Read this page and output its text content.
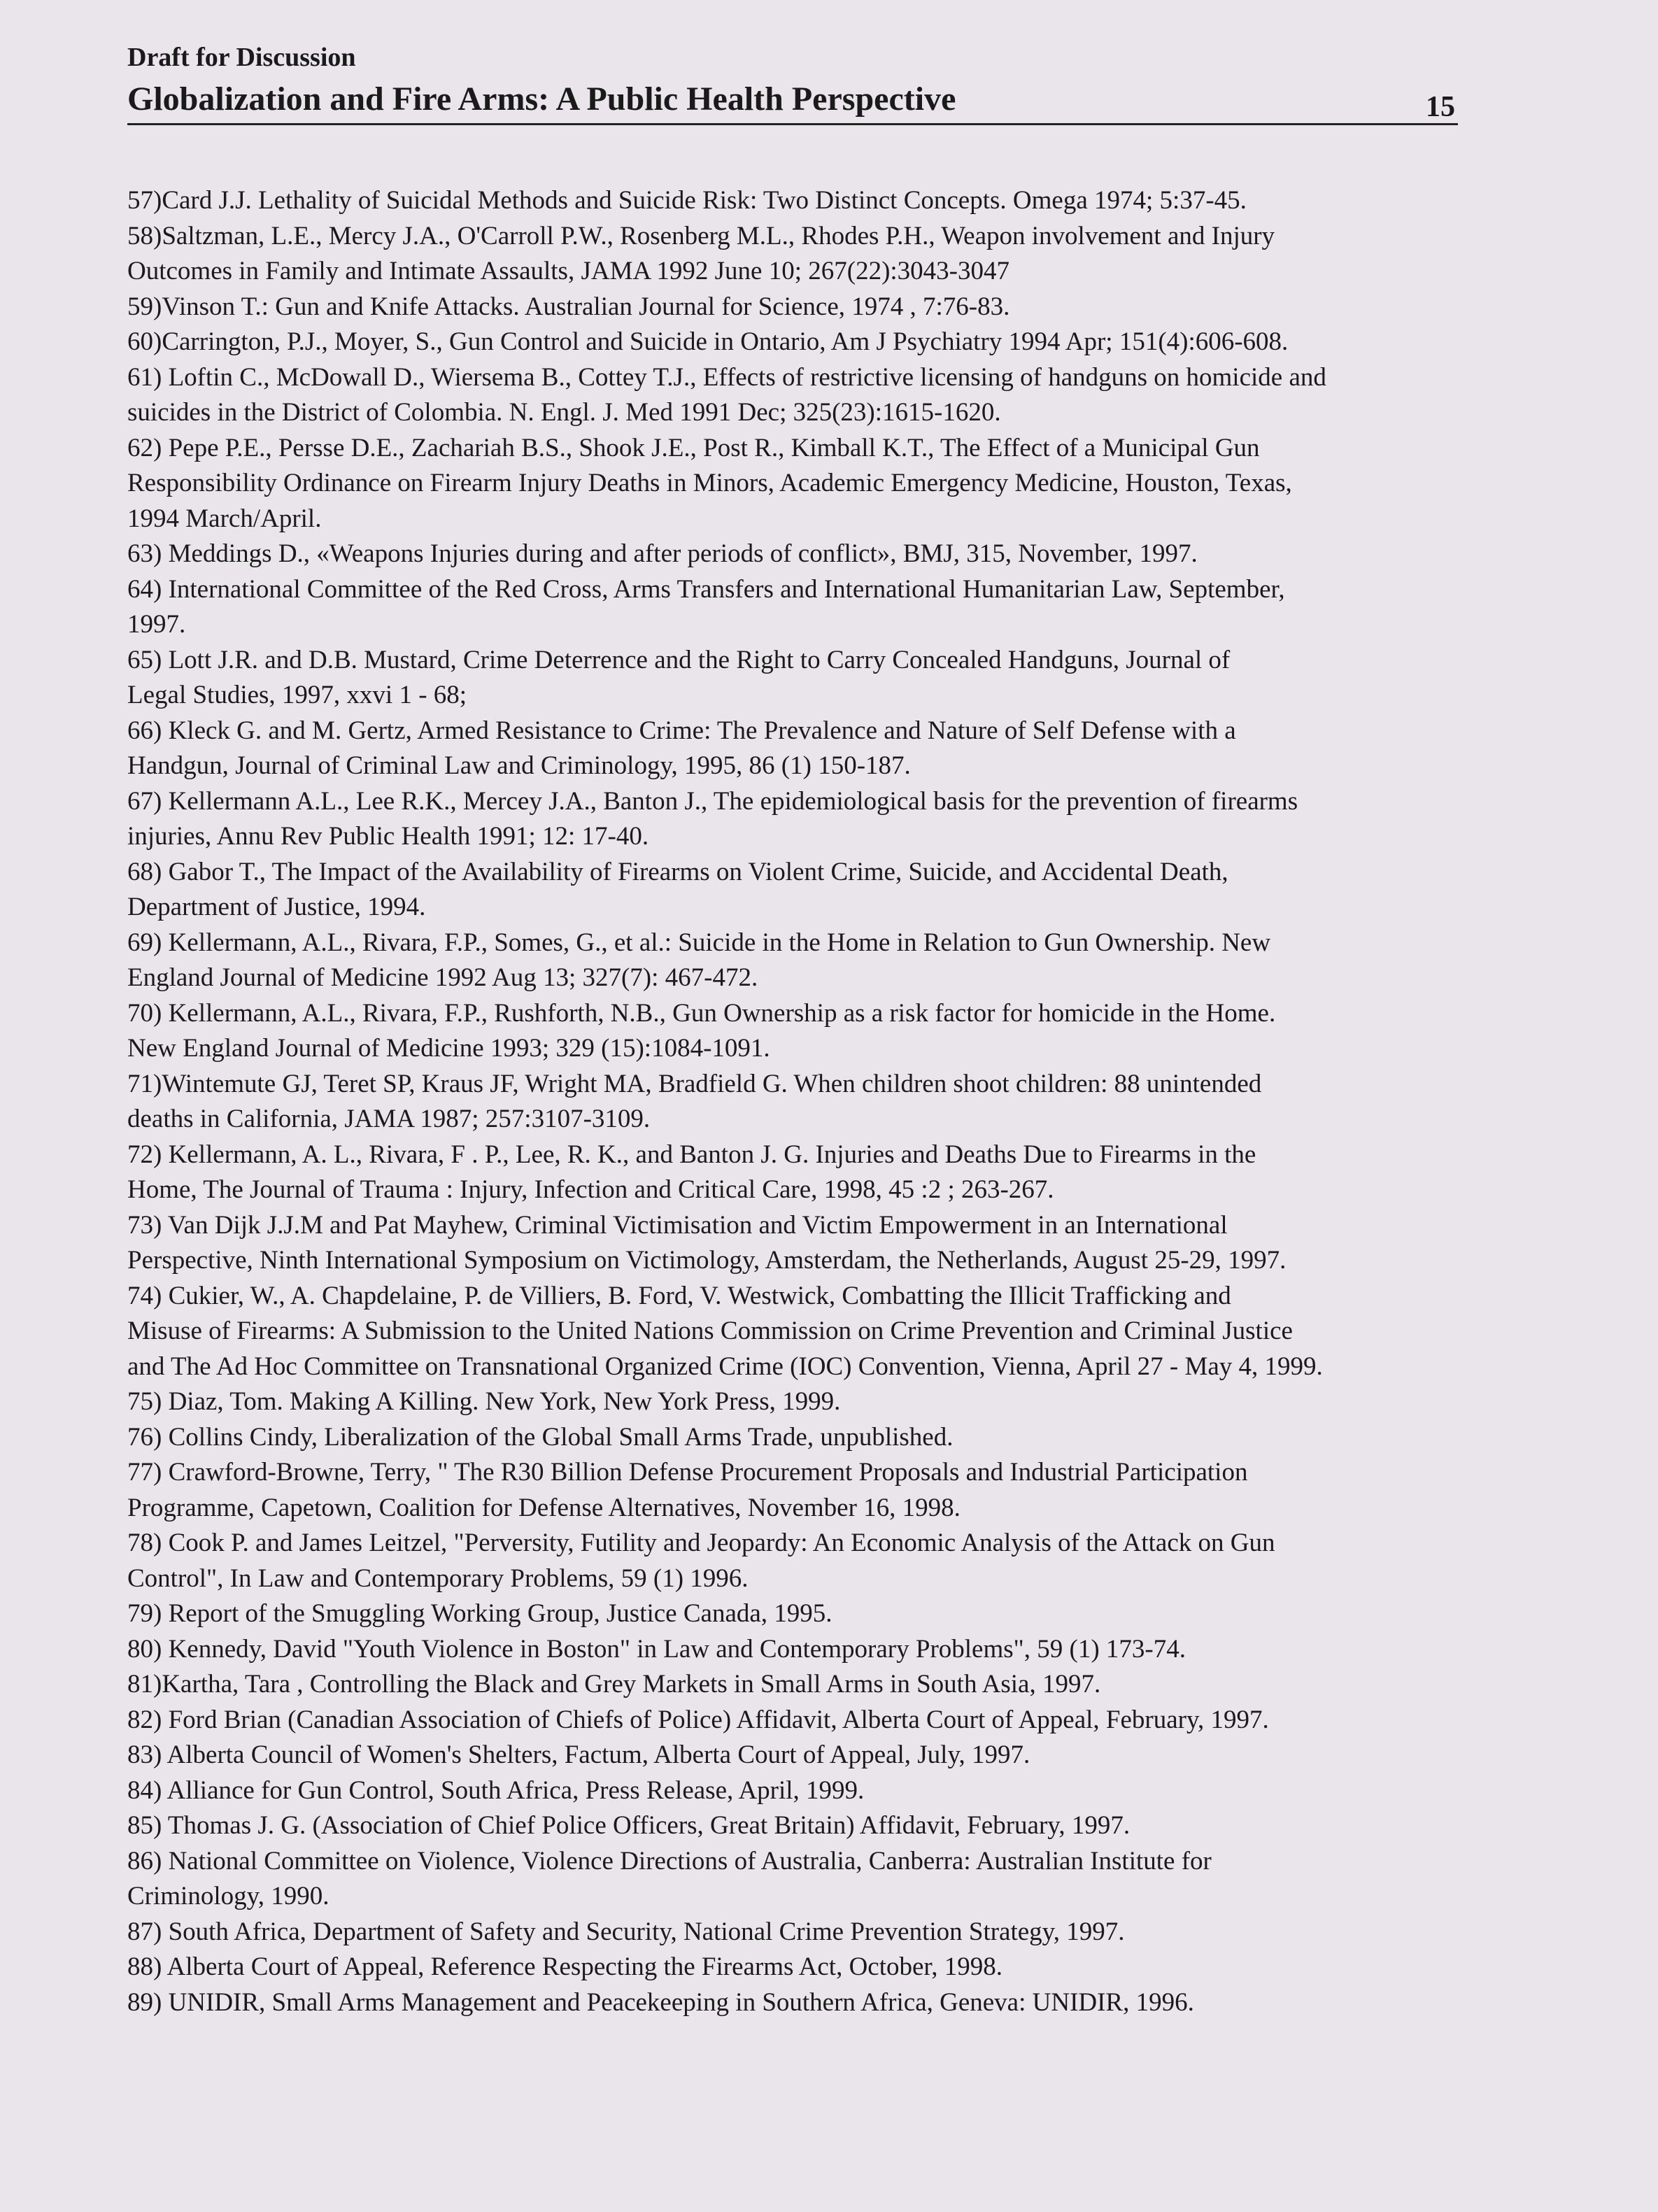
Draft for Discussion
Globalization and Fire Arms: A Public Health Perspective	15

57)Card J.J. Lethality of Suicidal Methods and Suicide Risk: Two Distinct Concepts. Omega 1974; 5:37-45.

58)Saltzman, L.E., Mercy J.A., O'Carroll P.W., Rosenberg M.L., Rhodes P.H., Weapon involvement and Injury
Outcomes in Family and Intimate Assaults, JAMA 1992 June 10; 267(22):3043-3047

59)Vinson T.: Gun and Knife Attacks. Australian Journal for Science, 1974 , 7:76-83.

60)Carrington, P.J., Moyer, S., Gun Control and Suicide in Ontario, Am J Psychiatry 1994 Apr; 151(4):606-608.

61) Loftin C., McDowall D., Wiersema B., Cottey T.J., Effects of restrictive licensing of handguns on homicide and
suicides in the District of Colombia. N. Engl. J. Med 1991 Dec; 325(23):1615-1620.

62) Pepe P.E., Persse D.E., Zachariah B.S., Shook J.E., Post R., Kimball K.T., The Effect of a Municipal Gun
Responsibility Ordinance on Firearm Injury Deaths in Minors, Academic Emergency Medicine, Houston, Texas,
1994 March/April.

63) Meddings D., «Weapons Injuries during and after periods of conflict», BMJ, 315, November, 1997.

64) International Committee of the Red Cross, Arms Transfers and International Humanitarian Law, September,
1997.

65) Lott J.R. and D.B. Mustard, Crime Deterrence and the Right to Carry Concealed Handguns, Journal of
Legal Studies, 1997, xxvi 1 - 68;

66) Kleck G. and M. Gertz, Armed Resistance to Crime: The Prevalence and Nature of Self Defense with a
Handgun, Journal of Criminal Law and Criminology, 1995, 86 (1) 150-187.

67) Kellermann A.L., Lee R.K., Mercey J.A., Banton J., The epidemiological basis for the prevention of firearms
injuries, Annu Rev Public Health 1991; 12: 17-40.

68) Gabor T., The Impact of the Availability of Firearms on Violent Crime, Suicide, and Accidental Death,
Department of Justice, 1994.

69) Kellermann, A.L., Rivara, F.P., Somes, G., et al.: Suicide in the Home in Relation to Gun Ownership. New
England Journal of Medicine 1992 Aug 13; 327(7): 467-472.

70) Kellermann, A.L., Rivara, F.P., Rushforth, N.B., Gun Ownership as a risk factor for homicide in the Home.
New England Journal of Medicine 1993; 329 (15):1084-1091.

71)Wintemute GJ, Teret SP, Kraus JF, Wright MA, Bradfield G. When children shoot children: 88 unintended
deaths in California, JAMA 1987; 257:3107-3109.

72) Kellermann, A. L., Rivara, F . P., Lee, R. K., and Banton J. G. Injuries and Deaths Due to Firearms in the
Home, The Journal of Trauma : Injury, Infection and Critical Care, 1998, 45 :2 ; 263-267.

73) Van Dijk J.J.M and Pat Mayhew, Criminal Victimisation and Victim Empowerment in an International
Perspective, Ninth International Symposium on Victimology, Amsterdam, the Netherlands, August 25-29, 1997.

74) Cukier, W., A. Chapdelaine, P. de Villiers, B. Ford, V. Westwick, Combatting the Illicit Trafficking and
Misuse of Firearms: A Submission to the United Nations Commission on Crime Prevention and Criminal Justice
and The Ad Hoc Committee on Transnational Organized Crime (IOC) Convention, Vienna, April 27 - May 4, 1999.

75) Diaz, Tom. Making A Killing. New York, New York Press, 1999.

76) Collins Cindy, Liberalization of the Global Small Arms Trade, unpublished.

77) Crawford-Browne, Terry, " The R30 Billion Defense Procurement Proposals and Industrial Participation
Programme, Capetown, Coalition for Defense Alternatives, November 16, 1998.

78) Cook P. and James Leitzel, "Perversity, Futility and Jeopardy: An Economic Analysis of the Attack on Gun
Control", In Law and Contemporary Problems, 59 (1) 1996.

79) Report of the Smuggling Working Group, Justice Canada, 1995.

80) Kennedy, David "Youth Violence in Boston" in Law and Contemporary Problems", 59 (1) 173-74.

81)Kartha, Tara , Controlling the Black and Grey Markets in Small Arms in South Asia, 1997.

82) Ford Brian (Canadian Association of Chiefs of Police) Affidavit, Alberta Court of Appeal, February, 1997.

83) Alberta Council of Women's Shelters, Factum, Alberta Court of Appeal, July, 1997.

84) Alliance for Gun Control, South Africa, Press Release, April, 1999.

85) Thomas J. G. (Association of Chief Police Officers, Great Britain) Affidavit, February, 1997.

86) National Committee on Violence, Violence Directions of Australia, Canberra: Australian Institute for
Criminology, 1990.

87) South Africa, Department of Safety and Security, National Crime Prevention Strategy, 1997.

88) Alberta Court of Appeal, Reference Respecting the Firearms Act, October, 1998.

89) UNIDIR, Small Arms Management and Peacekeeping in Southern Africa, Geneva: UNIDIR, 1996.
